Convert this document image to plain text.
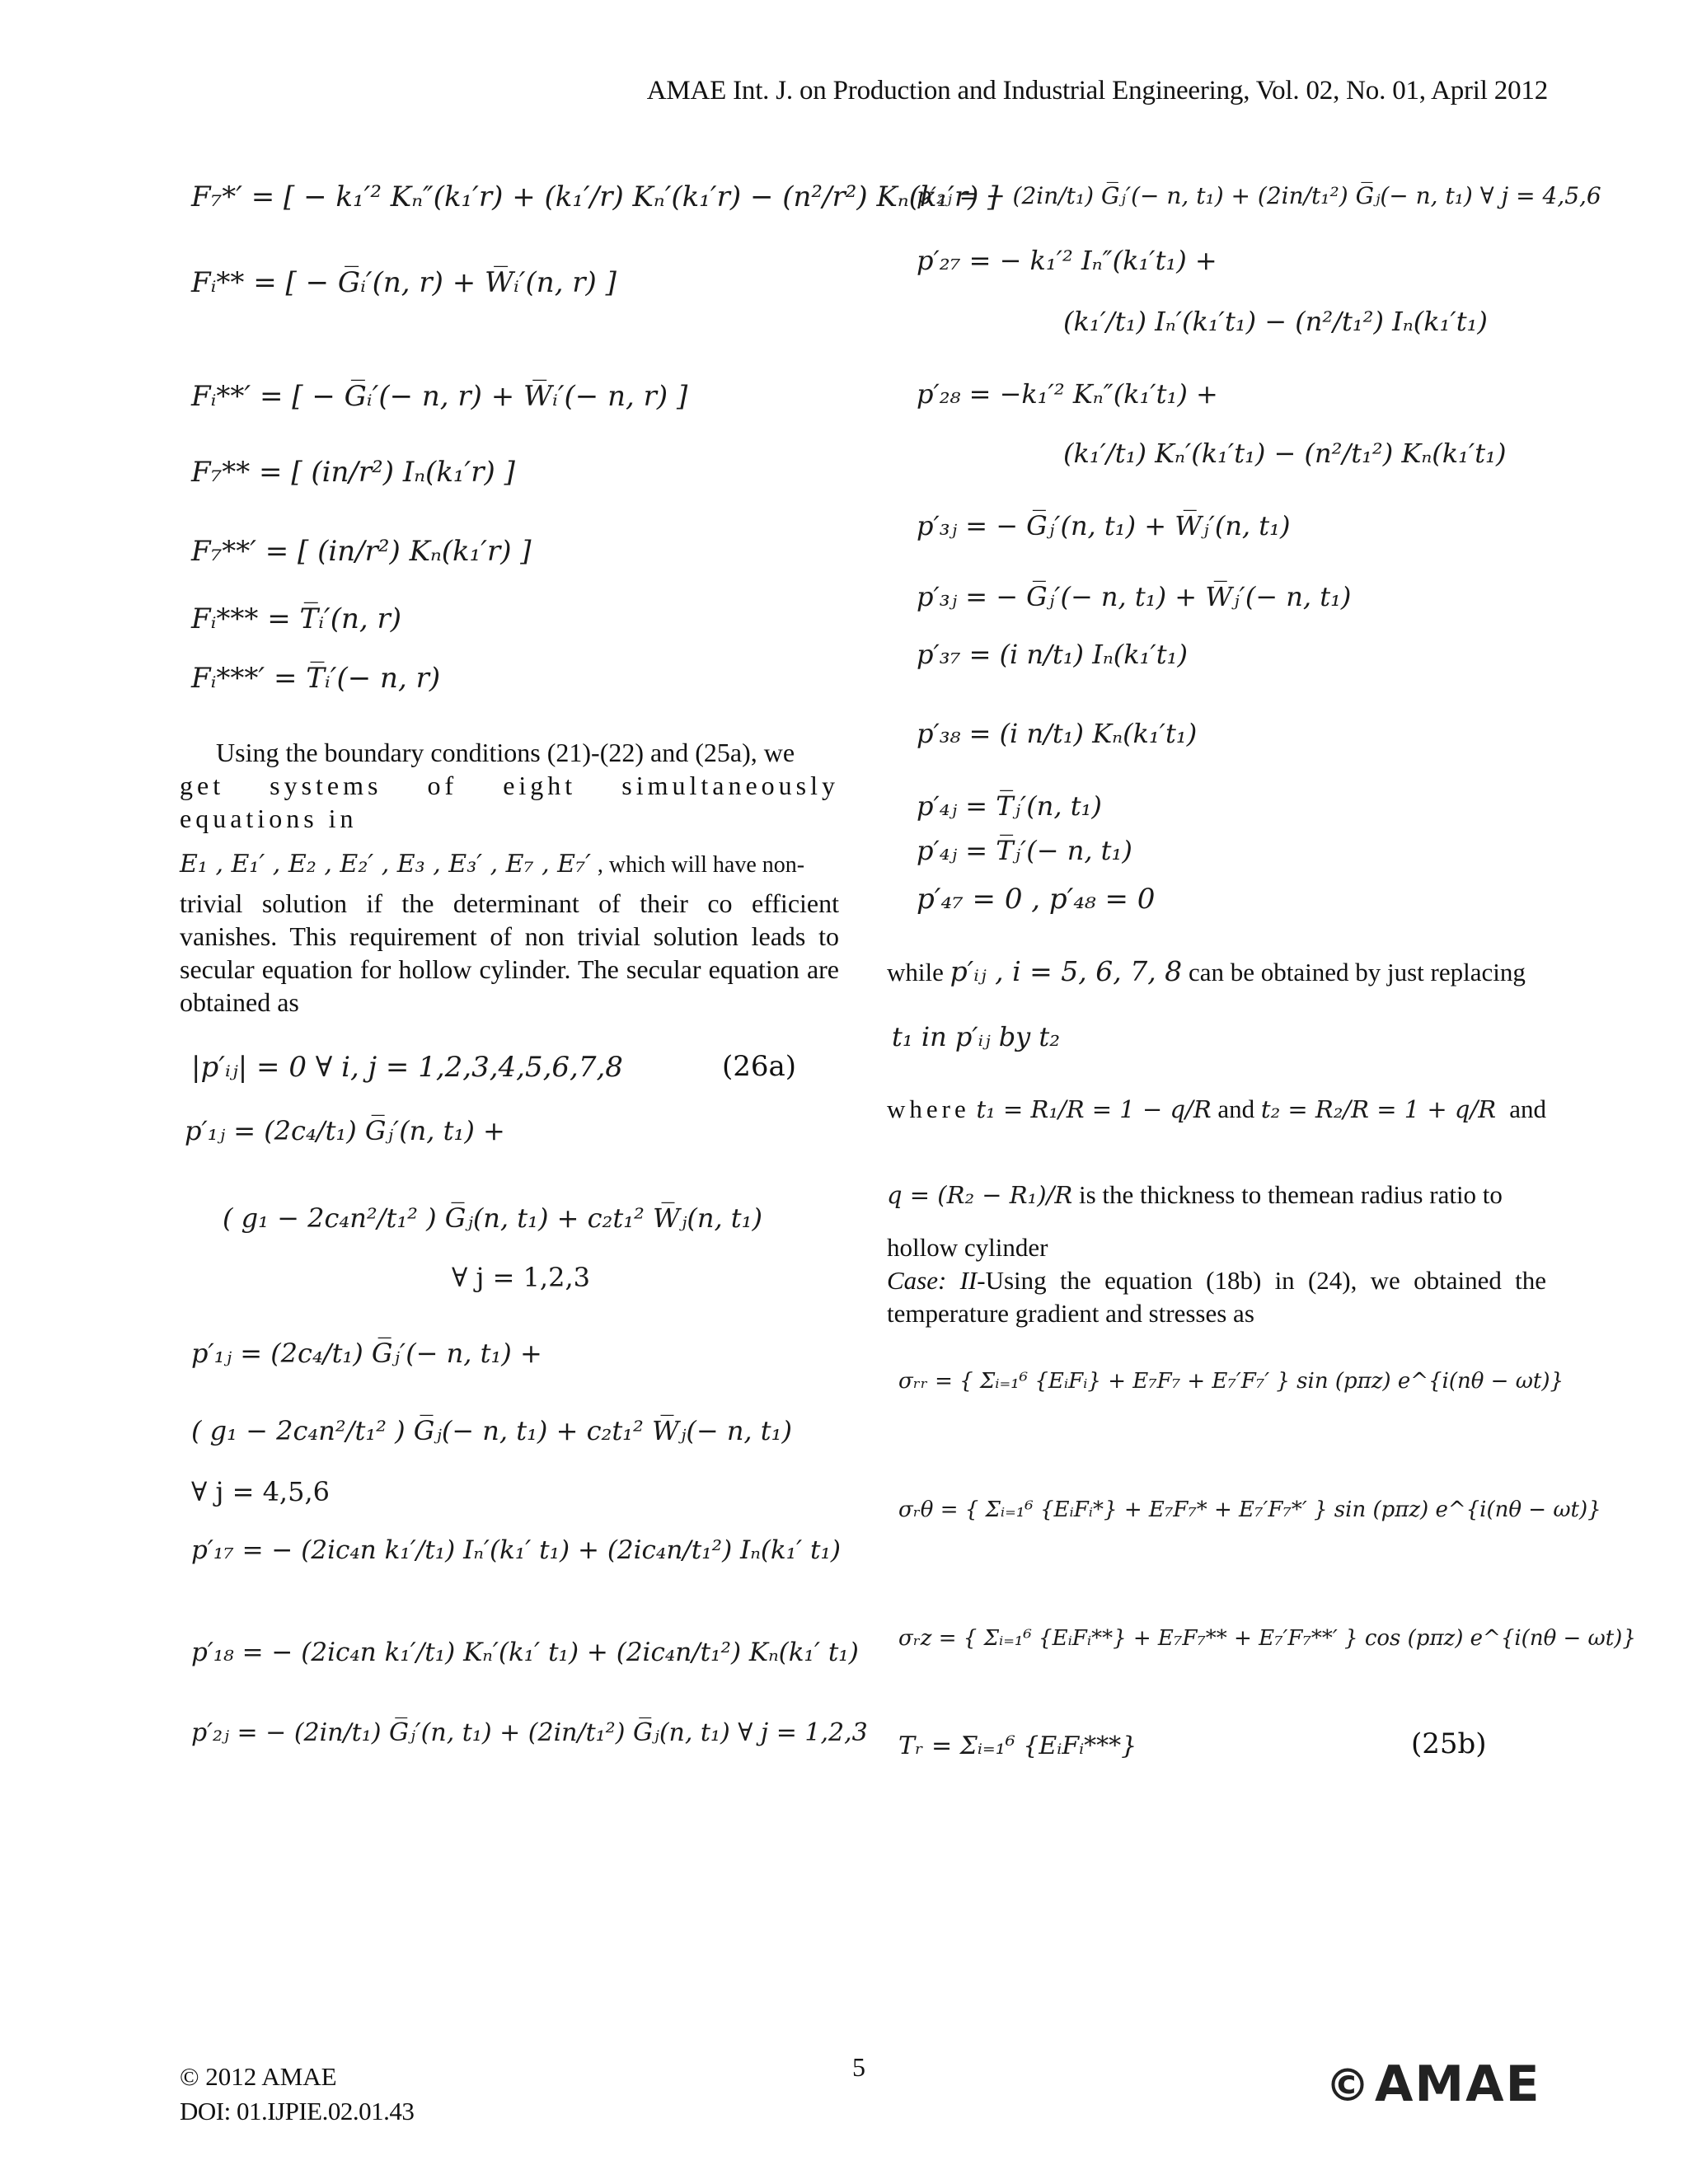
AMAE Int. J. on Production and Industrial Engineering, Vol. 02, No. 01, April 2012
F₇*′ = [ − k₁′² Kₙ″(k₁′r) + (k₁′/r) Kₙ′(k₁′r) − (n²/r²) Kₙ(k₁′r) ]
Fᵢ** = [ − G̅ᵢ′(n, r) + W̅ᵢ′(n, r) ]
Fᵢ**′ = [ − G̅ᵢ′(− n, r) + W̅ᵢ′(− n, r) ]
F₇** = [ (in/r²) Iₙ(k₁′r) ]
F₇**′ = [ (in/r²) Kₙ(k₁′r) ]
Fᵢ*** = T̅ᵢ′(n, r)
Fᵢ***′ = T̅ᵢ′(− n, r)
Using the boundary conditions (21)-(22) and (25a), we
get systems of eight simultaneously equations in
E₁ , E₁′ , E₂ , E₂′ , E₃ , E₃′ , E₇ , E₇′ , which will have non-
trivial solution if the determinant of their co efficient vanishes. This requirement of non trivial solution leads to secular equation for hollow cylinder. The secular equation are obtained as
|p′ᵢⱼ| = 0 ∀ i, j = 1,2,3,4,5,6,7,8	(26a)
p′₁ⱼ = (2c₄/t₁) G̅ⱼ′(n, t₁) +
( g₁ − 2c₄n²/t₁² ) G̅ⱼ(n, t₁) + c₂t₁² W̅ⱼ(n, t₁)
∀ j = 1,2,3
p′₁ⱼ = (2c₄/t₁) G̅ⱼ′(− n, t₁) +
( g₁ − 2c₄n²/t₁² ) G̅ⱼ(− n, t₁) + c₂t₁² W̅ⱼ(− n, t₁)
∀ j = 4,5,6
p′₁₇ = − (2ic₄n k₁′/t₁) Iₙ′(k₁′ t₁) + (2ic₄n/t₁²) Iₙ(k₁′ t₁)
p′₁₈ = − (2ic₄n k₁′/t₁) Kₙ′(k₁′ t₁) + (2ic₄n/t₁²) Kₙ(k₁′ t₁)
p′₂ⱼ = − (2in/t₁) G̅ⱼ′(n, t₁) + (2in/t₁²) G̅ⱼ(n, t₁) ∀ j = 1,2,3
p′₂ⱼ = − (2in/t₁) G̅ⱼ′(− n, t₁) + (2in/t₁²) G̅ⱼ(− n, t₁) ∀ j = 4,5,6
p′₂₇ = − k₁′² Iₙ″(k₁′t₁) +
(k₁′/t₁) Iₙ′(k₁′t₁) − (n²/t₁²) Iₙ(k₁′t₁)
p′₂₈ = −k₁′² Kₙ″(k₁′t₁) +
(k₁′/t₁) Kₙ′(k₁′t₁) − (n²/t₁²) Kₙ(k₁′t₁)
p′₃ⱼ = − G̅ⱼ′(n, t₁) + W̅ⱼ′(n, t₁)
p′₃ⱼ = − G̅ⱼ′(− n, t₁) + W̅ⱼ′(− n, t₁)
p′₃₇ = (i n/t₁) Iₙ(k₁′t₁)
p′₃₈ = (i n/t₁) Kₙ(k₁′t₁)
p′₄ⱼ = T̅ⱼ′(n, t₁)
p′₄ⱼ = T̅ⱼ′(− n, t₁)
p′₄₇ = 0 , p′₄₈ = 0
while p′ᵢⱼ , i = 5, 6, 7, 8 can be obtained by just replacing
t₁ in p′ᵢⱼ by t₂
where t₁ = R₁/R = 1 − q/R and t₂ = R₂/R = 1 + q/R and
q = (R₂ − R₁)/R is the thickness to themean radius ratio to
hollow cylinder
Case: II-Using the equation (18b) in (24), we obtained the temperature gradient and stresses as
σᵣᵣ = { Σᵢ₌₁⁶ {EᵢFᵢ} + E₇F₇ + E₇′F₇′ } sin (pπz) e^{i(nθ − ωt)}
σᵣθ = { Σᵢ₌₁⁶ {EᵢFᵢ*} + E₇F₇* + E₇′F₇*′ } sin (pπz) e^{i(nθ − ωt)}
σᵣz = { Σᵢ₌₁⁶ {EᵢFᵢ**} + E₇F₇** + E₇′F₇**′ } cos (pπz) e^{i(nθ − ωt)}
Tᵣ = Σᵢ₌₁⁶ {EᵢFᵢ***}	(25b)
© 2012 AMAE
DOI: 01.IJPIE.02.01.43
5	©AMAE
